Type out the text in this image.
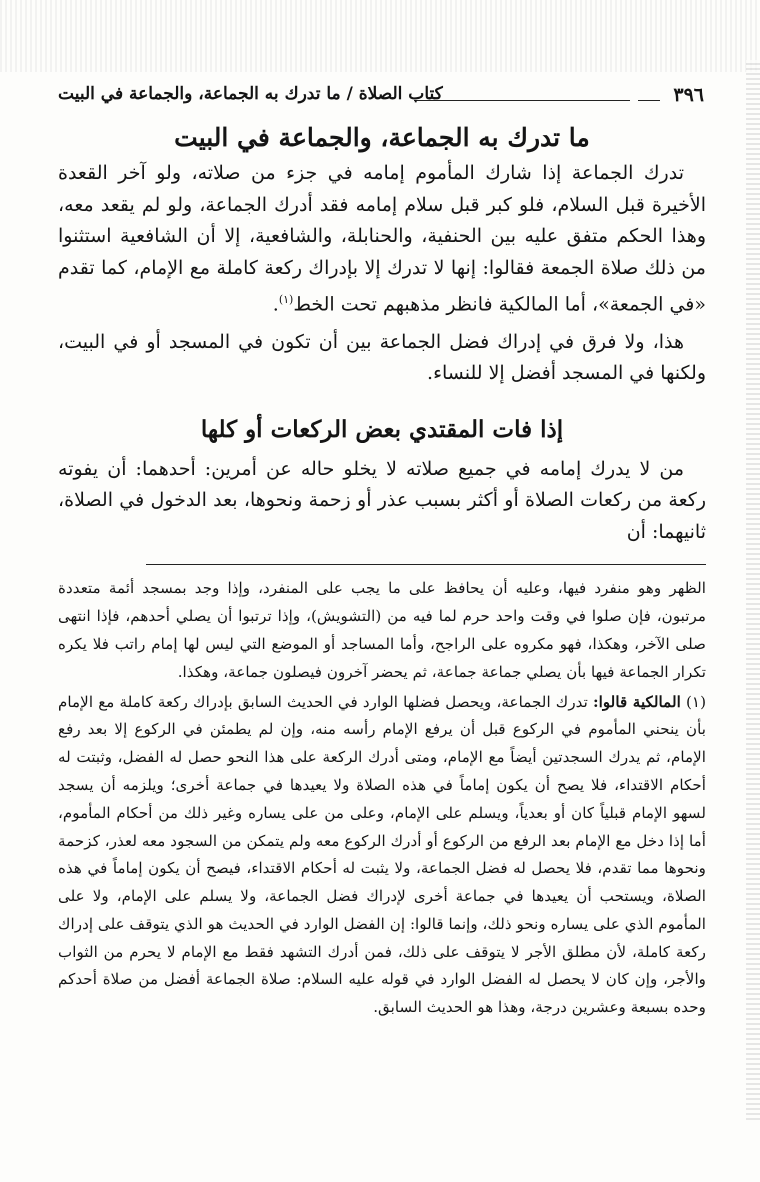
٣٩٦
كتاب الصلاة / ما تدرك به الجماعة، والجماعة في البيت
ما تدرك به الجماعة، والجماعة في البيت

تدرك الجماعة إذا شارك المأموم إمامه في جزء من صلاته، ولو آخر القعدة الأخيرة قبل السلام، فلو كبر قبل سلام إمامه فقد أدرك الجماعة، ولو لم يقعد معه، وهذا الحكم متفق عليه بين الحنفية، والحنابلة، والشافعية، إلا أن الشافعية استثنوا من ذلك صلاة الجمعة فقالوا: إنها لا تدرك إلا بإدراك ركعة كاملة مع الإمام، كما تقدم «في الجمعة»، أما المالكية فانظر مذهبهم تحت الخط$^{(١)}$.

هذا، ولا فرق في إدراك فضل الجماعة بين أن تكون في المسجد أو في البيت، ولكنها في المسجد أفضل إلا للنساء.

إذا فات المقتدي بعض الركعات أو كلها

من لا يدرك إمامه في جميع صلاته لا يخلو حاله عن أمرين: أحدهما: أن يفوته ركعة من ركعات الصلاة أو أكثر بسبب عذر أو زحمة ونحوها، بعد الدخول في الصلاة، ثانيهما: أن

الظهر وهو منفرد فيها، وعليه أن يحافظ على ما يجب على المنفرد، وإذا وجد بمسجد أئمة متعددة مرتبون، فإن صلوا في وقت واحد حرم لما فيه من (التشويش)، وإذا ترتبوا أن يصلي أحدهم، فإذا انتهى صلى الآخر، وهكذا، فهو مكروه على الراجح، وأما المساجد أو الموضع التي ليس لها إمام راتب فلا يكره تكرار الجماعة فيها بأن يصلي جماعة جماعة، ثم يحضر آخرون فيصلون جماعة، وهكذا.

(١) المالكية قالوا: تدرك الجماعة، ويحصل فضلها الوارد في الحديث السابق بإدراك ركعة كاملة مع الإمام بأن ينحني المأموم في الركوع قبل أن يرفع الإمام رأسه منه، وإن لم يطمئن في الركوع إلا بعد رفع الإمام، ثم يدرك السجدتين أيضاً مع الإمام، ومتى أدرك الركعة على هذا النحو حصل له الفضل، وثبتت له أحكام الاقتداء، فلا يصح أن يكون إماماً في هذه الصلاة ولا يعيدها في جماعة أخرى؛ ويلزمه أن يسجد لسهو الإمام قبلياً كان أو بعدياً، ويسلم على الإمام، وعلى من على يساره وغير ذلك من أحكام المأموم، أما إذا دخل مع الإمام بعد الرفع من الركوع أو أدرك الركوع معه ولم يتمكن من السجود معه لعذر، كزحمة ونحوها مما تقدم، فلا يحصل له فضل الجماعة، ولا يثبت له أحكام الاقتداء، فيصح أن يكون إماماً في هذه الصلاة، ويستحب أن يعيدها في جماعة أخرى لإدراك فضل الجماعة، ولا يسلم على الإمام، ولا على المأموم الذي على يساره ونحو ذلك، وإنما قالوا: إن الفضل الوارد في الحديث هو الذي يتوقف على إدراك ركعة كاملة، لأن مطلق الأجر لا يتوقف على ذلك، فمن أدرك التشهد فقط مع الإمام لا يحرم من الثواب والأجر، وإن كان لا يحصل له الفضل الوارد في قوله عليه السلام: صلاة الجماعة أفضل من صلاة أحدكم وحده بسبعة وعشرين درجة، وهذا هو الحديث السابق.
